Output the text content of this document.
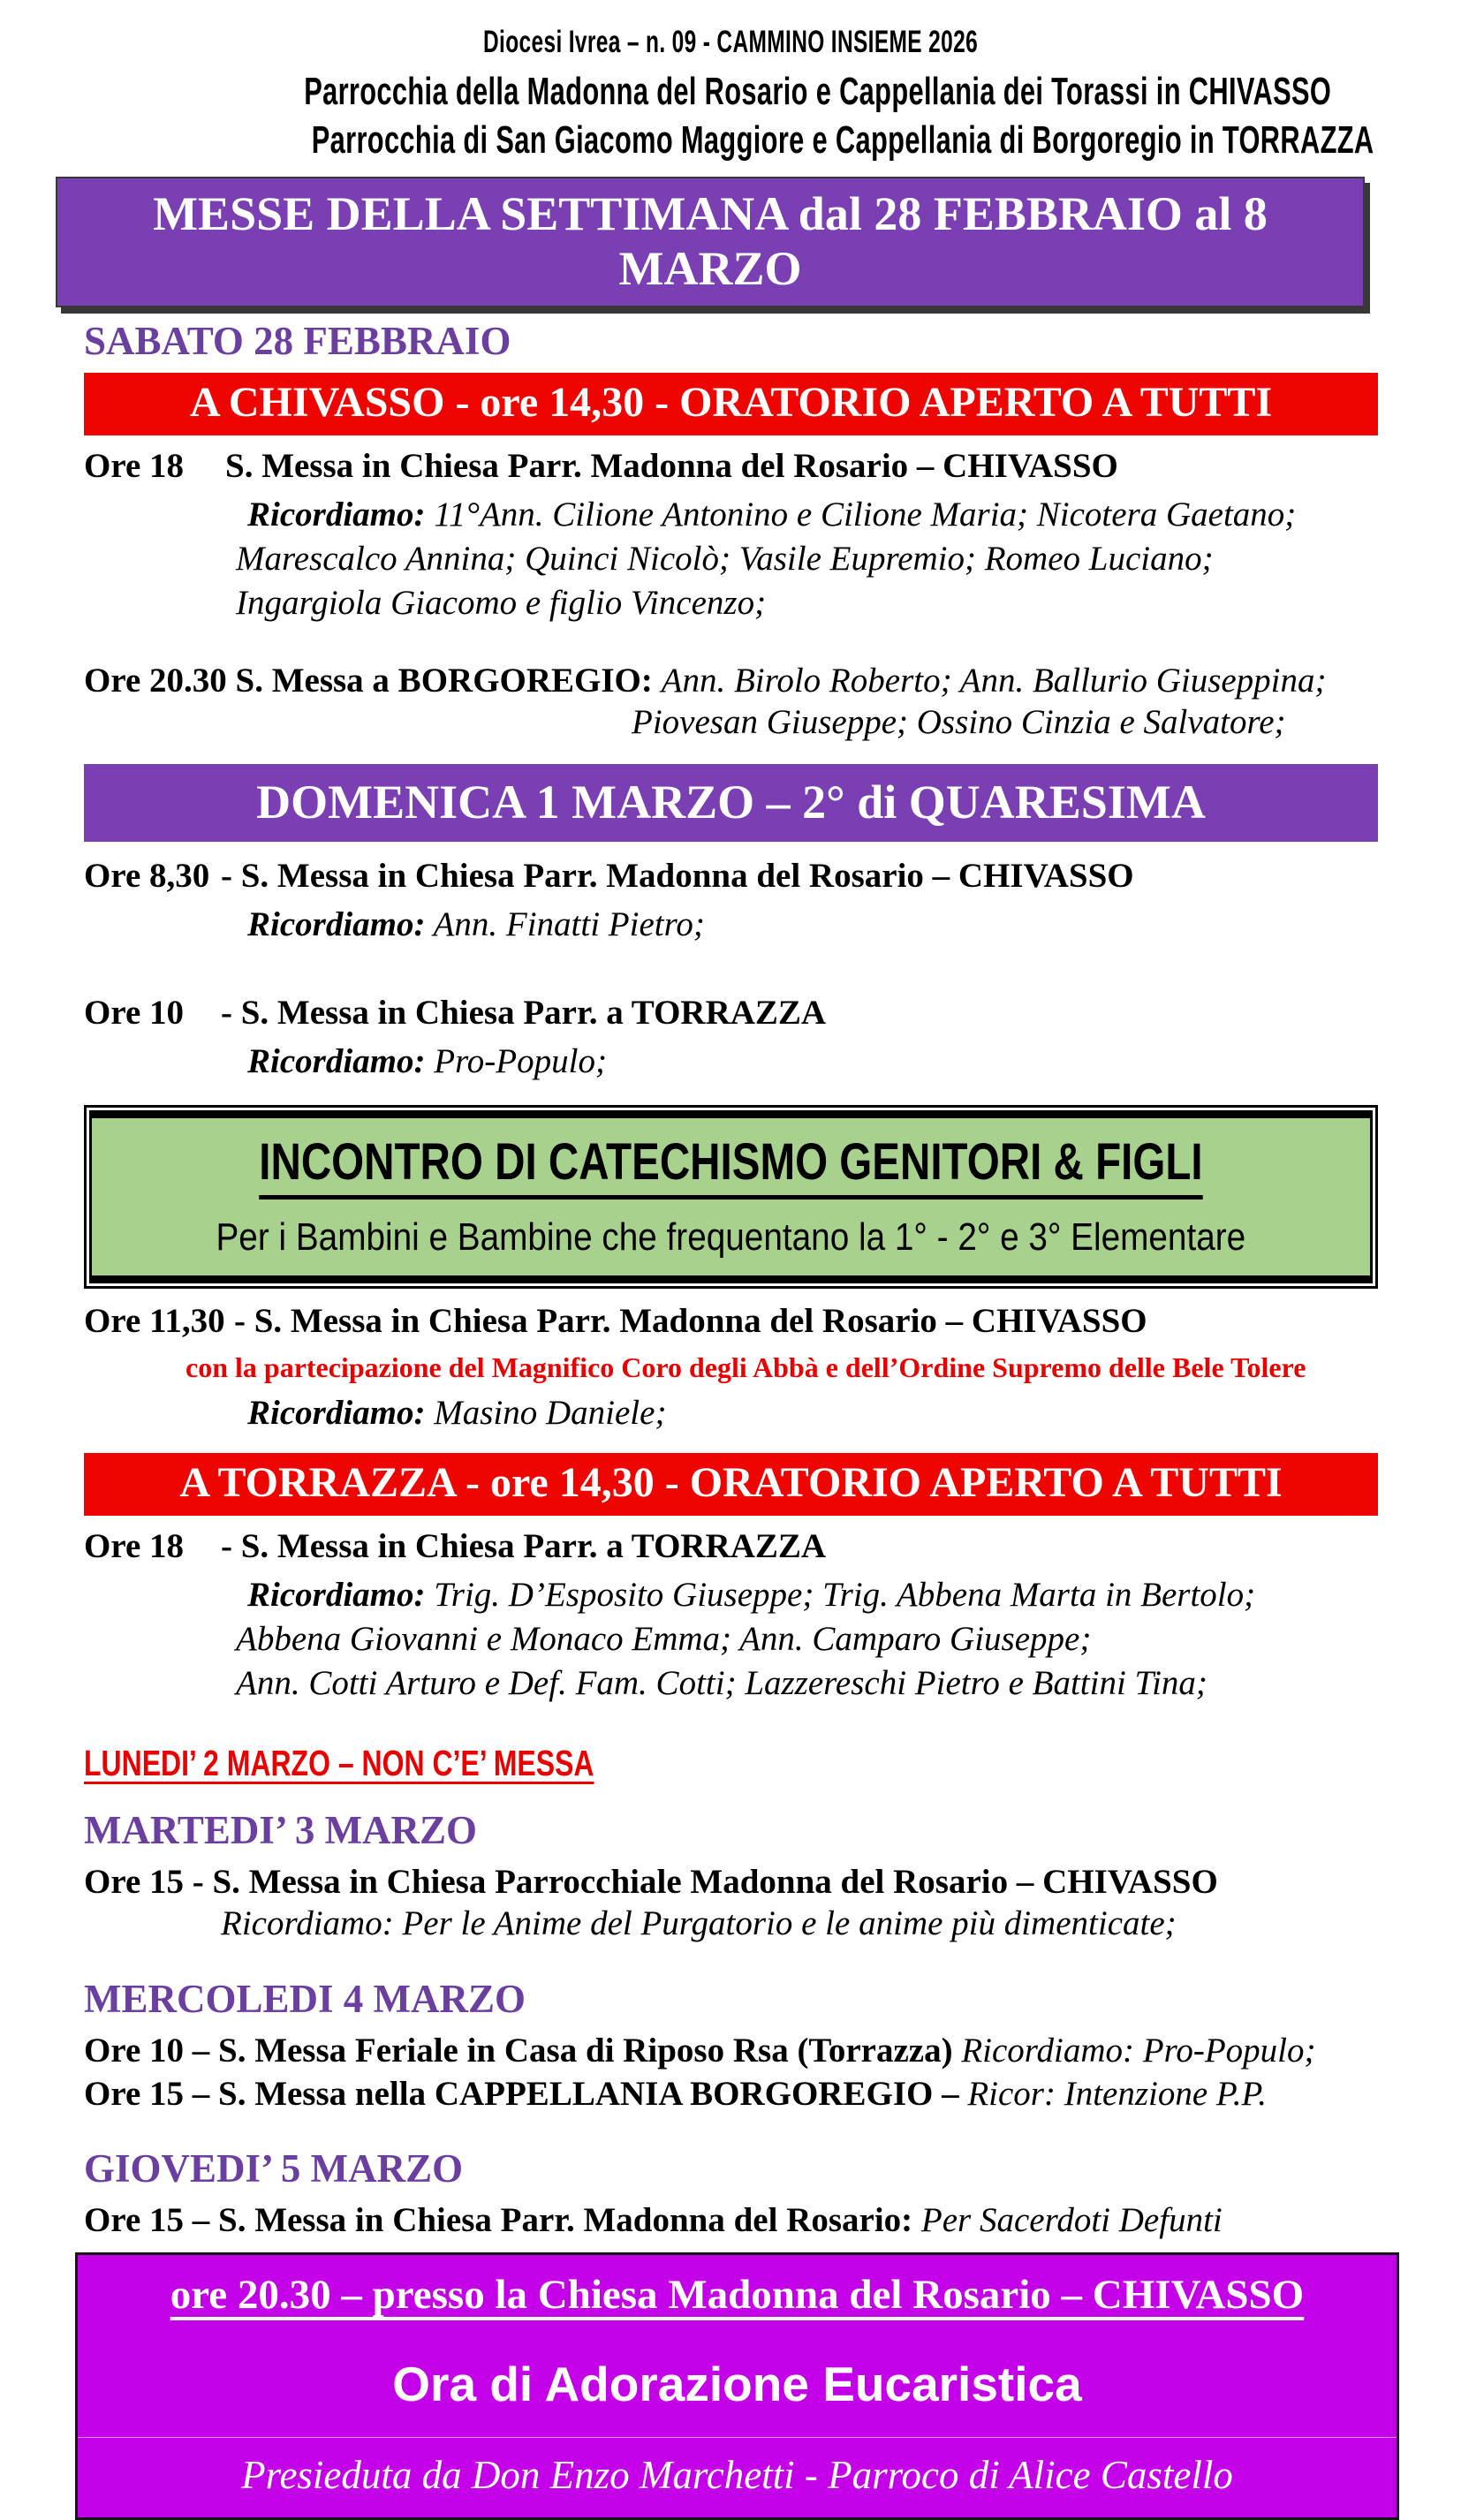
Diocesi Ivrea – n. 09 - CAMMINO INSIEME 2026
Parrocchia della Madonna del Rosario e Cappellania dei Torassi in CHIVASSO
Parrocchia di San Giacomo Maggiore e Cappellania di Borgoregio in TORRAZZA
MESSE DELLA SETTIMANA dal 28 FEBBRAIO al 8 MARZO
SABATO 28 FEBBRAIO
A CHIVASSO - ore 14,30 - ORATORIO APERTO A TUTTI
Ore 18	S. Messa in Chiesa Parr. Madonna del Rosario – CHIVASSO
Ricordiamo: 11°Ann. Cilione Antonino e Cilione Maria; Nicotera Gaetano;
Marescalco Annina; Quinci Nicolò; Vasile Eupremio; Romeo Luciano;
Ingargiola Giacomo e figlio Vincenzo;
Ore 20.30 S. Messa a BORGOREGIO: Ann. Birolo Roberto; Ann. Ballurio Giuseppina;
Piovesan Giuseppe; Ossino Cinzia e Salvatore;
DOMENICA 1 MARZO – 2° di QUARESIMA
Ore 8,30 - S. Messa in Chiesa Parr. Madonna del Rosario – CHIVASSO
Ricordiamo: Ann. Finatti Pietro;
Ore 10	- S. Messa in Chiesa Parr. a TORRAZZA
Ricordiamo: Pro-Populo;
INCONTRO DI CATECHISMO GENITORI & FIGLI
Per i Bambini e Bambine che frequentano la 1° - 2° e 3° Elementare
Ore 11,30 - S. Messa in Chiesa Parr. Madonna del Rosario – CHIVASSO
con la partecipazione del Magnifico Coro degli Abbà e dell’Ordine Supremo delle Bele Tolere
Ricordiamo: Masino Daniele;
A TORRAZZA - ore 14,30 - ORATORIO APERTO A TUTTI
Ore 18	- S. Messa in Chiesa Parr. a TORRAZZA
Ricordiamo: Trig. D’Esposito Giuseppe; Trig. Abbena Marta in Bertolo;
Abbena Giovanni e Monaco Emma; Ann. Camparo Giuseppe;
Ann. Cotti Arturo e Def. Fam. Cotti; Lazzereschi Pietro e Battini Tina;
LUNEDI’ 2 MARZO – NON C’E’ MESSA
MARTEDI’ 3 MARZO
Ore 15 - S. Messa in Chiesa Parrocchiale Madonna del Rosario – CHIVASSO
Ricordiamo: Per le Anime del Purgatorio e le anime più dimenticate;
MERCOLEDI 4 MARZO
Ore 10 – S. Messa Feriale in Casa di Riposo Rsa (Torrazza) Ricordiamo: Pro-Populo;
Ore 15 – S. Messa nella CAPPELLANIA BORGOREGIO – Ricor: Intenzione P.P.
GIOVEDI’ 5 MARZO
Ore 15 – S. Messa in Chiesa Parr. Madonna del Rosario: Per Sacerdoti Defunti
ore 20.30 – presso la Chiesa Madonna del Rosario – CHIVASSO
Ora di Adorazione Eucaristica
Presieduta da Don Enzo Marchetti - Parroco di Alice Castello
